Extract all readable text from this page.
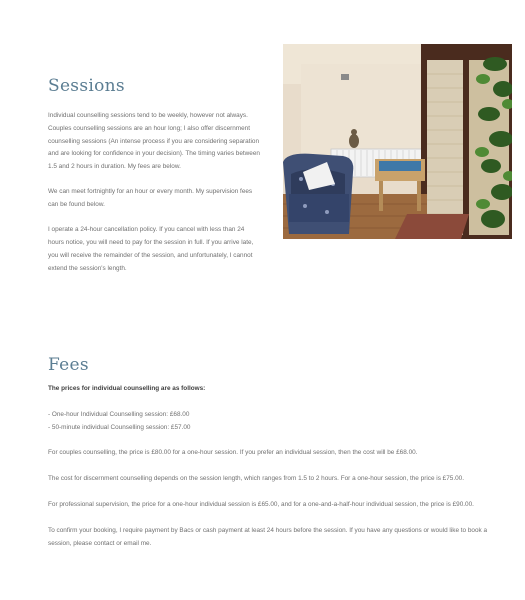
Sessions

Individual counselling sessions tend to be weekly, however not always. Couples counselling sessions are an hour long; I also offer discernment counselling sessions (An intense process if you are considering separation and are looking for confidence in your decision). The timing varies between 1.5 and 2 hours in duration. My fees are below.

We can meet fortnightly for an hour or every month. My supervision fees can be found below.

I operate a 24-hour cancellation policy. If you cancel with less than 24 hours notice, you will need to pay for the session in full. If you arrive late, you will receive the remainder of the session, and unfortunately, I cannot extend the session's length.

Fees

The prices for individual counselling are as follows:

- One-hour Individual Counselling session: £68.00
- 50-minute individual Counselling session: £57.00

For couples counselling, the price is £80.00 for a one-hour session. If you prefer an individual session, then the cost will be £68.00.

The cost for discernment counselling depends on the session length, which ranges from 1.5 to 2 hours. For a one-hour session, the price is £75.00.

For professional supervision, the price for a one-hour individual session is £65.00, and for a one-and-a-half-hour individual session, the price is £90.00.

To confirm your booking, I require payment by Bacs or cash payment at least 24 hours before the session. If you have any questions or would like to book a session, please contact or email me.
